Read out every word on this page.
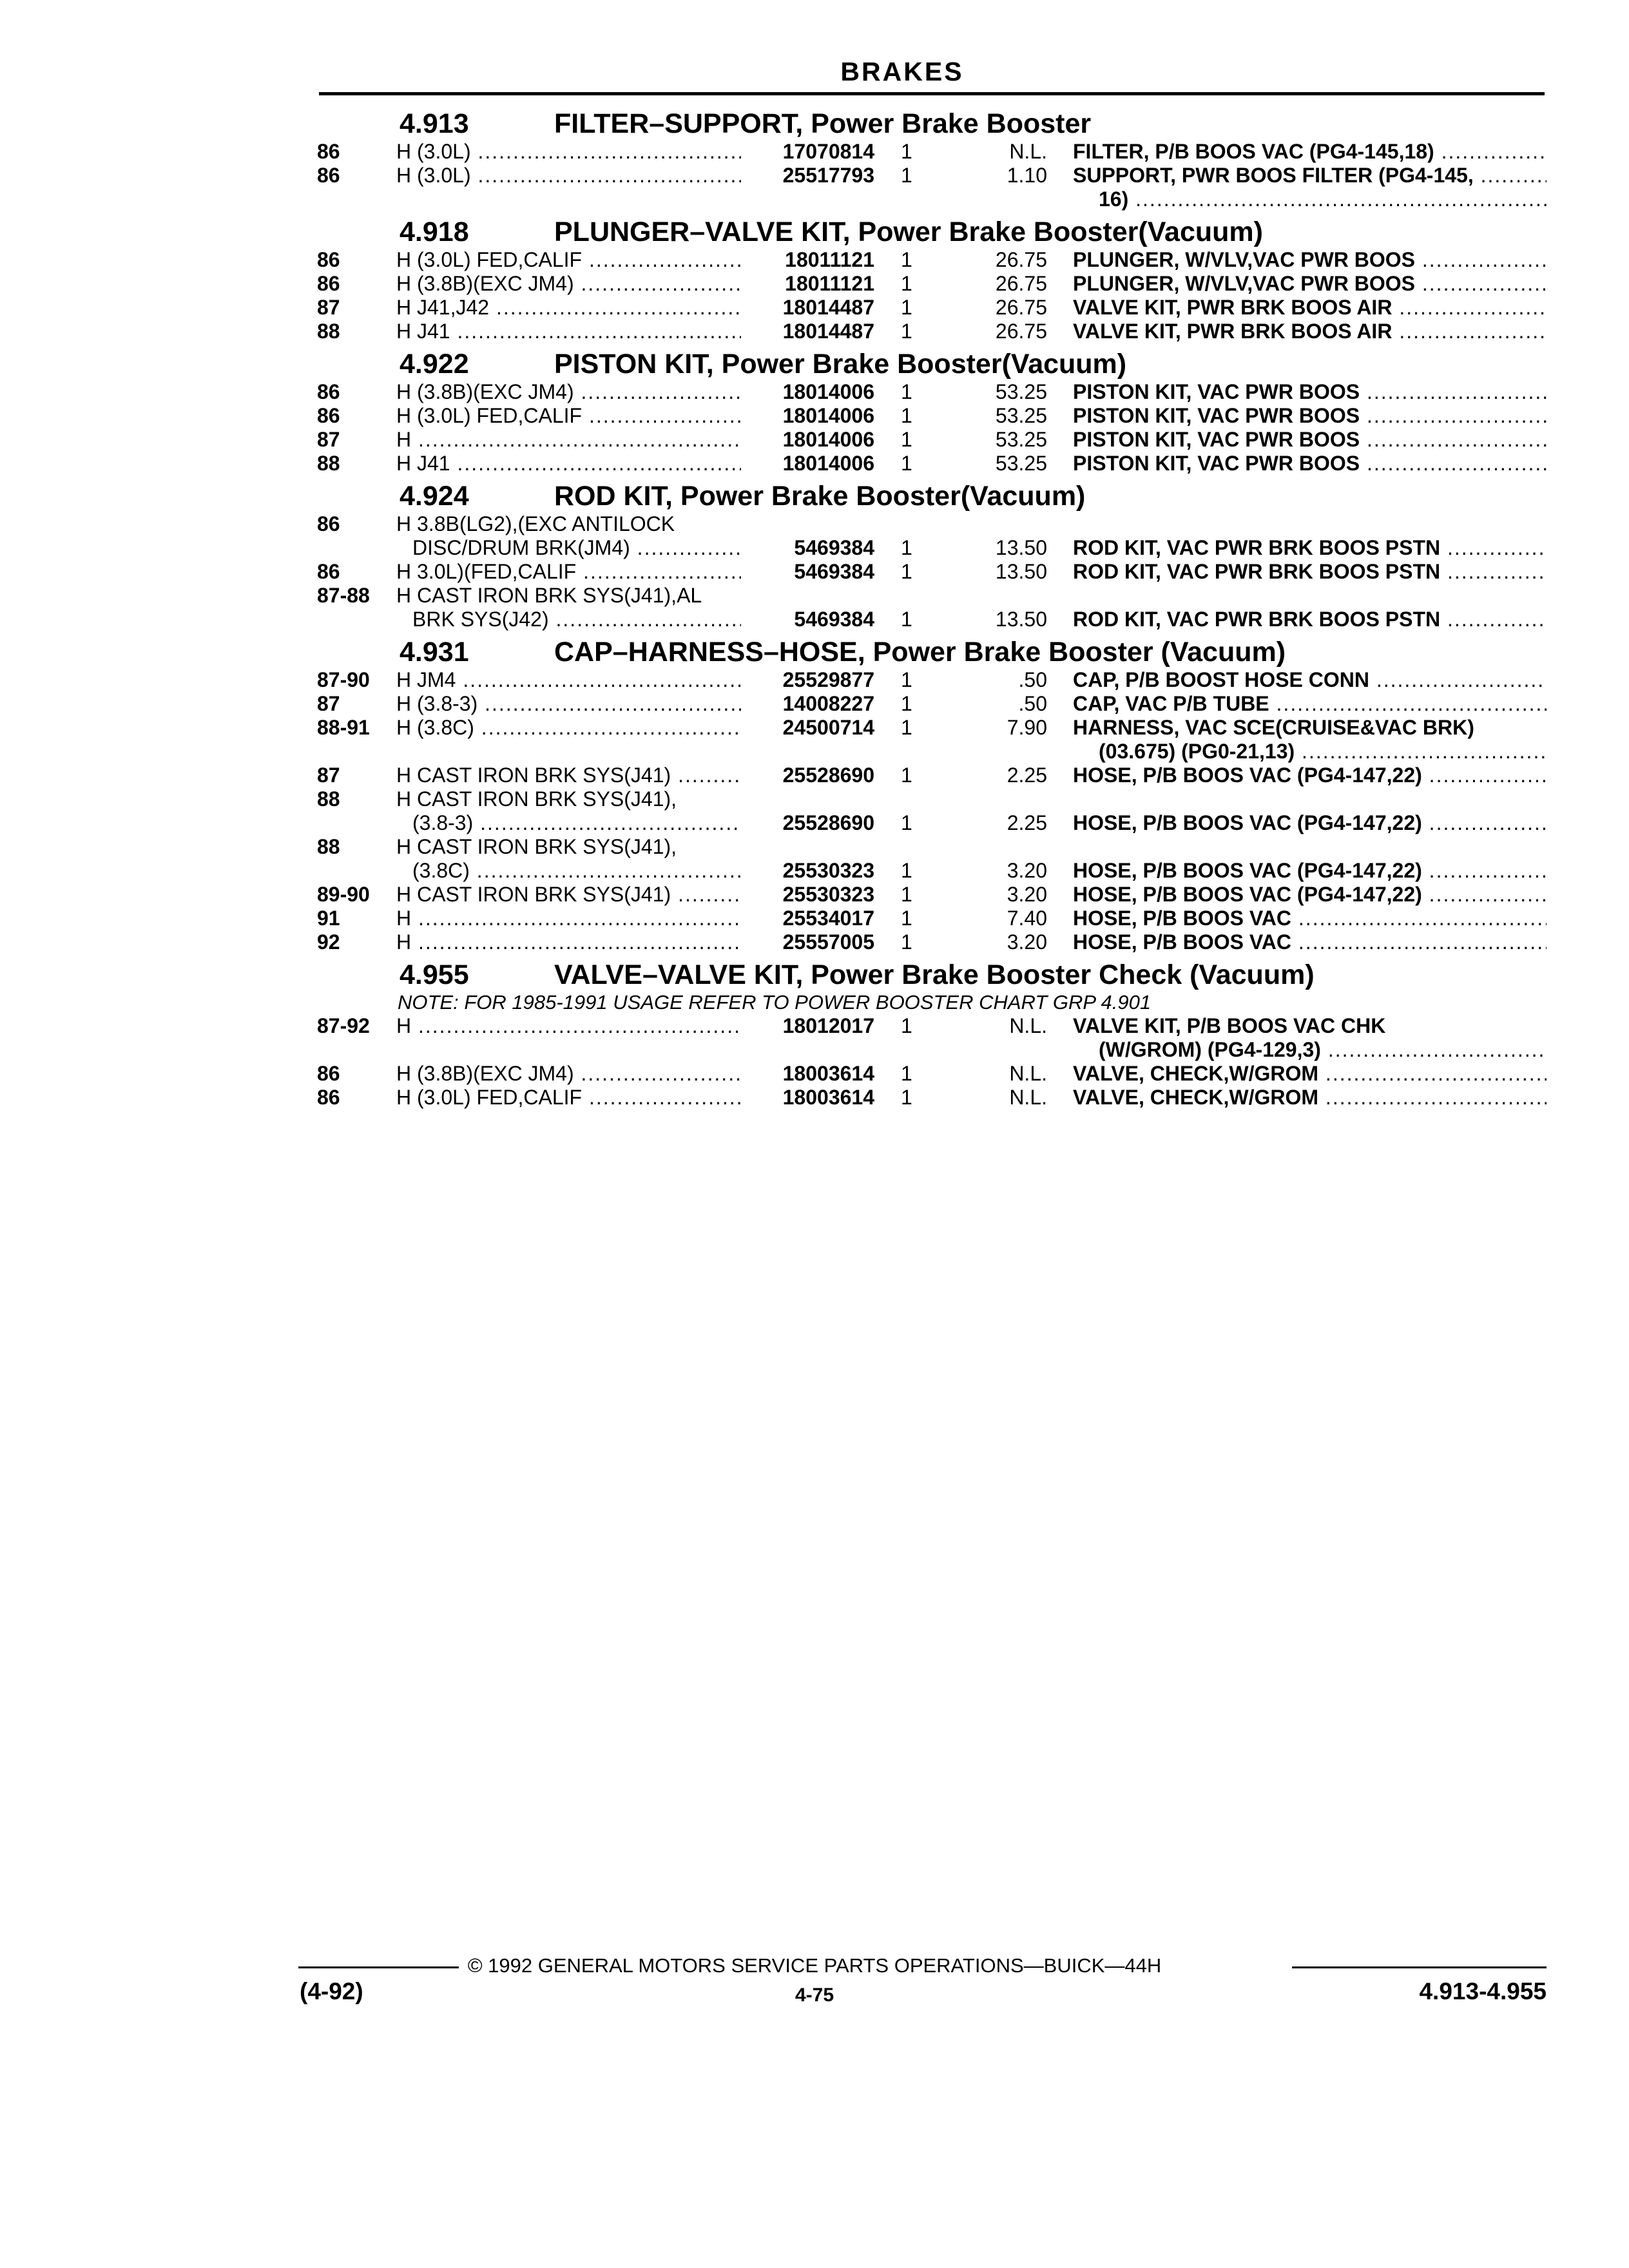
BRAKES
4.913	FILTER–SUPPORT, Power Brake Booster
86	H (3.0L) .....	17070814 1	N.L. FILTER, P/B BOOS VAC (PG4-145,18) .....
86	H (3.0L) .....	25517793 1	1.10 SUPPORT, PWR BOOS FILTER (PG4-145, .....
16) .....
4.918	PLUNGER–VALVE KIT, Power Brake Booster(Vacuum)
86	H (3.0L) FED,CALIF .....	18011121 1	26.75 PLUNGER, W/VLV,VAC PWR BOOS .....
86	H (3.8B)(EXC JM4) .....	18011121 1	26.75 PLUNGER, W/VLV,VAC PWR BOOS .....
87	H J41,J42 .....	18014487 1	26.75 VALVE KIT, PWR BRK BOOS AIR .....
88	H J41 .....	18014487 1	26.75 VALVE KIT, PWR BRK BOOS AIR .....
4.922	PISTON KIT, Power Brake Booster(Vacuum)
86	H (3.8B)(EXC JM4) .....	18014006 1	53.25 PISTON KIT, VAC PWR BOOS .....
86	H (3.0L) FED,CALIF .....	18014006 1	53.25 PISTON KIT, VAC PWR BOOS .....
87	H .....	18014006 1	53.25 PISTON KIT, VAC PWR BOOS .....
88	H J41 .....	18014006 1	53.25 PISTON KIT, VAC PWR BOOS .....
4.924	ROD KIT, Power Brake Booster(Vacuum)
86	H 3.8B(LG2),(EXC ANTILOCK
DISC/DRUM BRK(JM4) .....	5469384 1	13.50 ROD KIT, VAC PWR BRK BOOS PSTN .....
86	H 3.0L)(FED,CALIF .....	5469384 1	13.50 ROD KIT, VAC PWR BRK BOOS PSTN .....
87-88 H CAST IRON BRK SYS(J41),AL
BRK SYS(J42) .....	5469384 1	13.50 ROD KIT, VAC PWR BRK BOOS PSTN .....
4.931	CAP–HARNESS–HOSE, Power Brake Booster (Vacuum)
87-90 H JM4 .....	25529877 1	.50 CAP, P/B BOOST HOSE CONN .....
87	H (3.8-3) .....	14008227 1	.50 CAP, VAC P/B TUBE .....
88-91 H (3.8C) .....	24500714 1	7.90 HARNESS, VAC SCE(CRUISE&VAC BRK)
(03.675) (PG0-21,13) .....
87	H CAST IRON BRK SYS(J41) .....	25528690 1	2.25 HOSE, P/B BOOS VAC (PG4-147,22) .....
88	H CAST IRON BRK SYS(J41),
(3.8-3) .....	25528690 1	2.25 HOSE, P/B BOOS VAC (PG4-147,22) .....
88	H CAST IRON BRK SYS(J41),
(3.8C) .....	25530323 1	3.20 HOSE, P/B BOOS VAC (PG4-147,22) .....
89-90 H CAST IRON BRK SYS(J41) .....	25530323 1	3.20 HOSE, P/B BOOS VAC (PG4-147,22) .....
91	H .....	25534017 1	7.40 HOSE, P/B BOOS VAC .....
92	H .....	25557005 1	3.20 HOSE, P/B BOOS VAC .....
4.955	VALVE–VALVE KIT, Power Brake Booster Check (Vacuum)
NOTE: FOR 1985-1991 USAGE REFER TO POWER BOOSTER CHART GRP 4.901
87-92 H .....	18012017 1	N.L. VALVE KIT, P/B BOOS VAC CHK
(W/GROM) (PG4-129,3) .....
86	H (3.8B)(EXC JM4) .....	18003614 1	N.L. VALVE, CHECK,W/GROM .....
86	H (3.0L) FED,CALIF .....	18003614 1	N.L. VALVE, CHECK,W/GROM .....
© 1992 GENERAL MOTORS SERVICE PARTS OPERATIONS—BUICK—44H
(4-92)	4-75	4.913-4.955
